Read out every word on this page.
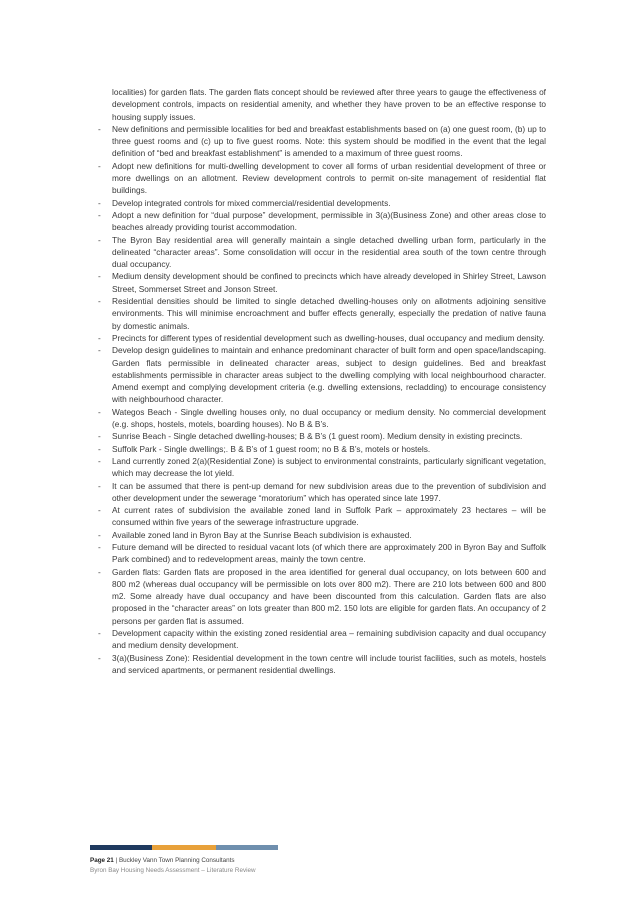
localities) for garden flats. The garden flats concept should be reviewed after three years to gauge the effectiveness of development controls, impacts on residential amenity, and whether they have proven to be an effective response to housing supply issues.

- New definitions and permissible localities for bed and breakfast establishments based on (a) one guest room, (b) up to three guest rooms and (c) up to five guest rooms. Note: this system should be modified in the event that the legal definition of “bed and breakfast establishment” is amended to a maximum of three guest rooms.
- Adopt new definitions for multi-dwelling development to cover all forms of urban residential development of three or more dwellings on an allotment. Review development controls to permit on-site management of residential flat buildings.
- Develop integrated controls for mixed commercial/residential developments.
- Adopt a new definition for “dual purpose” development, permissible in 3(a)(Business Zone) and other areas close to beaches already providing tourist accommodation.
- The Byron Bay residential area will generally maintain a single detached dwelling urban form, particularly in the delineated “character areas”. Some consolidation will occur in the residential area south of the town centre through dual occupancy.
- Medium density development should be confined to precincts which have already developed in Shirley Street, Lawson Street, Sommerset Street and Jonson Street.
- Residential densities should be limited to single detached dwelling-houses only on allotments adjoining sensitive environments. This will minimise encroachment and buffer effects generally, especially the predation of native fauna by domestic animals.
- Precincts for different types of residential development such as dwelling-houses, dual occupancy and medium density.
- Develop design guidelines to maintain and enhance predominant character of built form and open space/landscaping. Garden flats permissible in delineated character areas, subject to design guidelines. Bed and breakfast establishments permissible in character areas subject to the dwelling complying with local neighbourhood character. Amend exempt and complying development criteria (e.g. dwelling extensions, recladding) to encourage consistency with neighbourhood character.
- Wategos Beach - Single dwelling houses only, no dual occupancy or medium density. No commercial development (e.g. shops, hostels, motels, boarding houses). No B & B’s.
- Sunrise Beach - Single detached dwelling-houses; B & B’s (1 guest room). Medium density in existing precincts.
- Suffolk Park - Single dwellings;. B & B’s of 1 guest room; no B & B’s, motels or hostels.
- Land currently zoned 2(a)(Residential Zone) is subject to environmental constraints, particularly significant vegetation, which may decrease the lot yield.
- It can be assumed that there is pent-up demand for new subdivision areas due to the prevention of subdivision and other development under the sewerage “moratorium” which has operated since late 1997.
- At current rates of subdivision the available zoned land in Suffolk Park – approximately 23 hectares – will be consumed within five years of the sewerage infrastructure upgrade.
- Available zoned land in Byron Bay at the Sunrise Beach subdivision is exhausted.
- Future demand will be directed to residual vacant lots (of which there are approximately 200 in Byron Bay and Suffolk Park combined) and to redevelopment areas, mainly the town centre.
- Garden flats: Garden flats are proposed in the area identified for general dual occupancy, on lots between 600 and 800 m2 (whereas dual occupancy will be permissible on lots over 800 m2). There are 210 lots between 600 and 800 m2. Some already have dual occupancy and have been discounted from this calculation. Garden flats are also proposed in the “character areas” on lots greater than 800 m2. 150 lots are eligible for garden flats. An occupancy of 2 persons per garden flat is assumed.
- Development capacity within the existing zoned residential area – remaining subdivision capacity and dual occupancy and medium density development.
- 3(a)(Business Zone): Residential development in the town centre will include tourist facilities, such as motels, hostels and serviced apartments, or permanent residential dwellings.
Page 21 | Buckley Vann Town Planning Consultants
Byron Bay Housing Needs Assessment – Literature Review
